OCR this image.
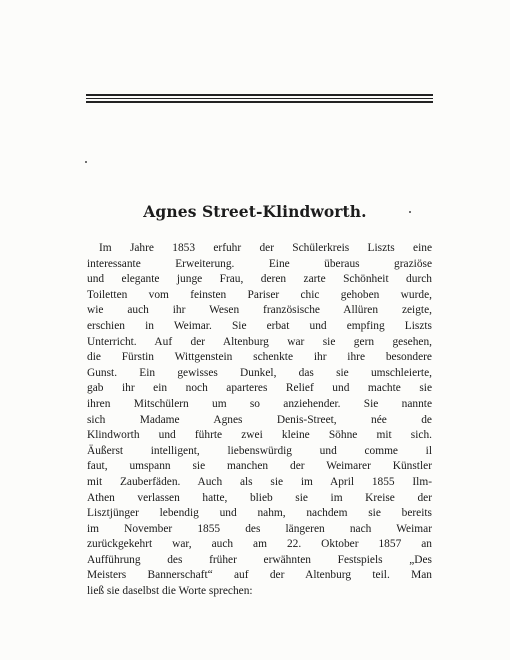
Agnes Street-Klindworth.
Im Jahre 1853 erfuhr der Schülerkreis Liszts eine
interessante Erweiterung. Eine überaus graziöse
und elegante junge Frau, deren zarte Schönheit durch
Toiletten vom feinsten Pariser chic gehoben wurde,
wie auch ihr Wesen französische Allüren zeigte,
erschien in Weimar. Sie erbat und empfing Liszts
Unterricht. Auf der Altenburg war sie gern gesehen,
die Fürstin Wittgenstein schenkte ihr ihre besondere
Gunst. Ein gewisses Dunkel, das sie umschleierte,
gab ihr ein noch aparteres Relief und machte sie
ihren Mitschülern um so anziehender. Sie nannte
sich Madame Agnes Denis-Street, née de
Klindworth und führte zwei kleine Söhne mit sich.
Äußerst intelligent, liebenswürdig und comme il
faut, umspann sie manchen der Weimarer Künstler
mit Zauberfäden. Auch als sie im April 1855 Ilm-
Athen verlassen hatte, blieb sie im Kreise der
Lisztjünger lebendig und nahm, nachdem sie bereits
im November 1855 des längeren nach Weimar
zurückgekehrt war, auch am 22. Oktober 1857 an
Aufführung des früher erwähnten Festspiels „Des
Meisters Bannerschaft“ auf der Altenburg teil. Man
ließ sie daselbst die Worte sprechen:
